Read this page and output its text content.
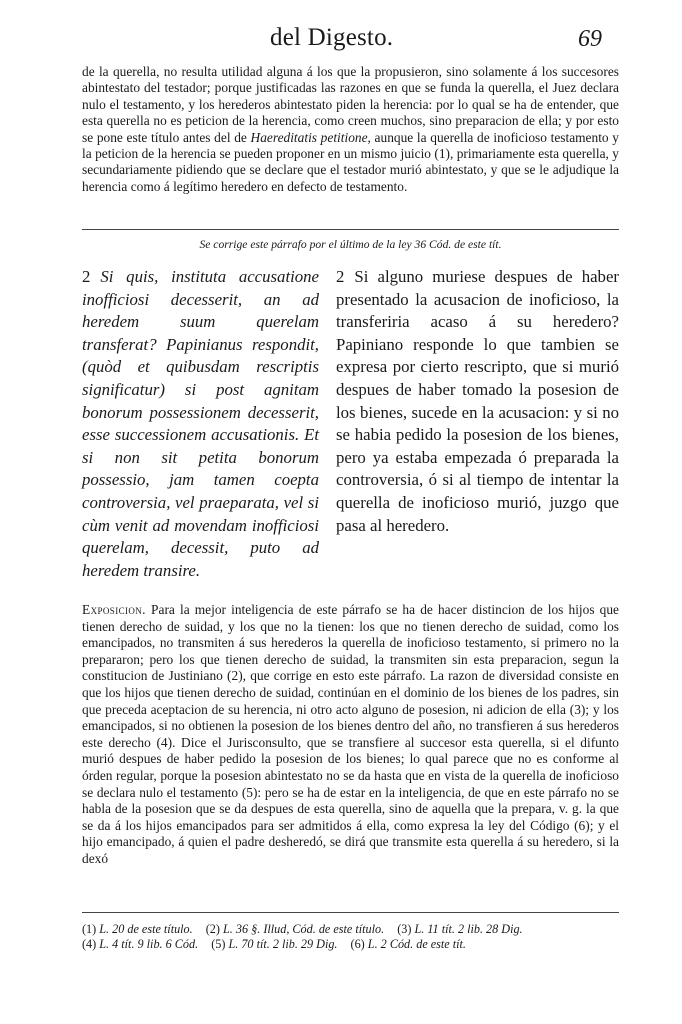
del Digesto.	69
de la querella, no resulta utilidad alguna á los que la propusieron, sino solamente á los succesores abintestato del testador; porque justificadas las razones en que se funda la querella, el Juez declara nulo el testamento, y los herederos abintestato piden la herencia: por lo qual se ha de entender, que esta querella no es peticion de la herencia, como creen muchos, sino preparacion de ella; y por esto se pone este título antes del de Haereditatis petitione, aunque la querella de inoficioso testamento y la peticion de la herencia se pueden proponer en un mismo juicio (1), primariamente esta querella, y secundariamente pidiendo que se declare que el testador murió abintestato, y que se le adjudique la herencia como á legítimo heredero en defecto de testamento.
Se corrige este párrafo por el último de la ley 36 Cód. de este tít.
2 Si quis, instituta accusatione inofficiosi decesserit, an ad heredem suum querelam transferat? Papinianus respondit, (quòd et quibusdam rescriptis significatur) si post agnitam bonorum possessionem decesserit, esse successionem accusationis. Et si non sit petita bonorum possessio, jam tamen coepta controversia, vel praeparata, vel si cùm venit ad movendam inofficiosi querelam, decessit, puto ad heredem transire.
2 Si alguno muriese despues de haber presentado la acusacion de inoficioso, la transferiria acaso á su heredero? Papiniano responde lo que tambien se expresa por cierto rescripto, que si murió despues de haber tomado la posesion de los bienes, sucede en la acusacion: y si no se habia pedido la posesion de los bienes, pero ya estaba empezada ó preparada la controversia, ó si al tiempo de intentar la querella de inoficioso murió, juzgo que pasa al heredero.
Exposicion. Para la mejor inteligencia de este párrafo se ha de hacer distincion de los hijos que tienen derecho de suidad, y los que no la tienen: los que no tienen derecho de suidad, como los emancipados, no transmiten á sus herederos la querella de inoficioso testamento, si primero no la prepararon; pero los que tienen derecho de suidad, la transmiten sin esta preparacion, segun la constitucion de Justiniano (2), que corrige en esto este párrafo. La razon de diversidad consiste en que los hijos que tienen derecho de suidad, continúan en el dominio de los bienes de los padres, sin que preceda aceptacion de su herencia, ni otro acto alguno de posesion, ni adicion de ella (3); y los emancipados, si no obtienen la posesion de los bienes dentro del año, no transfieren á sus herederos este derecho (4). Dice el Jurisconsulto, que se transfiere al succesor esta querella, si el difunto murió despues de haber pedido la posesion de los bienes; lo qual parece que no es conforme al órden regular, porque la posesion abintestato no se da hasta que en vista de la querella de inoficioso se declara nulo el testamento (5): pero se ha de estar en la inteligencia, de que en este párrafo no se habla de la posesion que se da despues de esta querella, sino de aquella que la prepara, v. g. la que se da á los hijos emancipados para ser admitidos á ella, como expresa la ley del Código (6); y el hijo emancipado, á quien el padre desheredó, se dirá que transmite esta querella á su heredero, si la dexó
(1) L. 20 de este título. (2) L. 36 §. Illud, Cód. de este título. (3) L. 11 tít. 2 lib. 28 Dig.
(4) L. 4 tít. 9 lib. 6 Cód. (5) L. 70 tít. 2 lib. 29 Dig. (6) L. 2 Cód. de este tít.
